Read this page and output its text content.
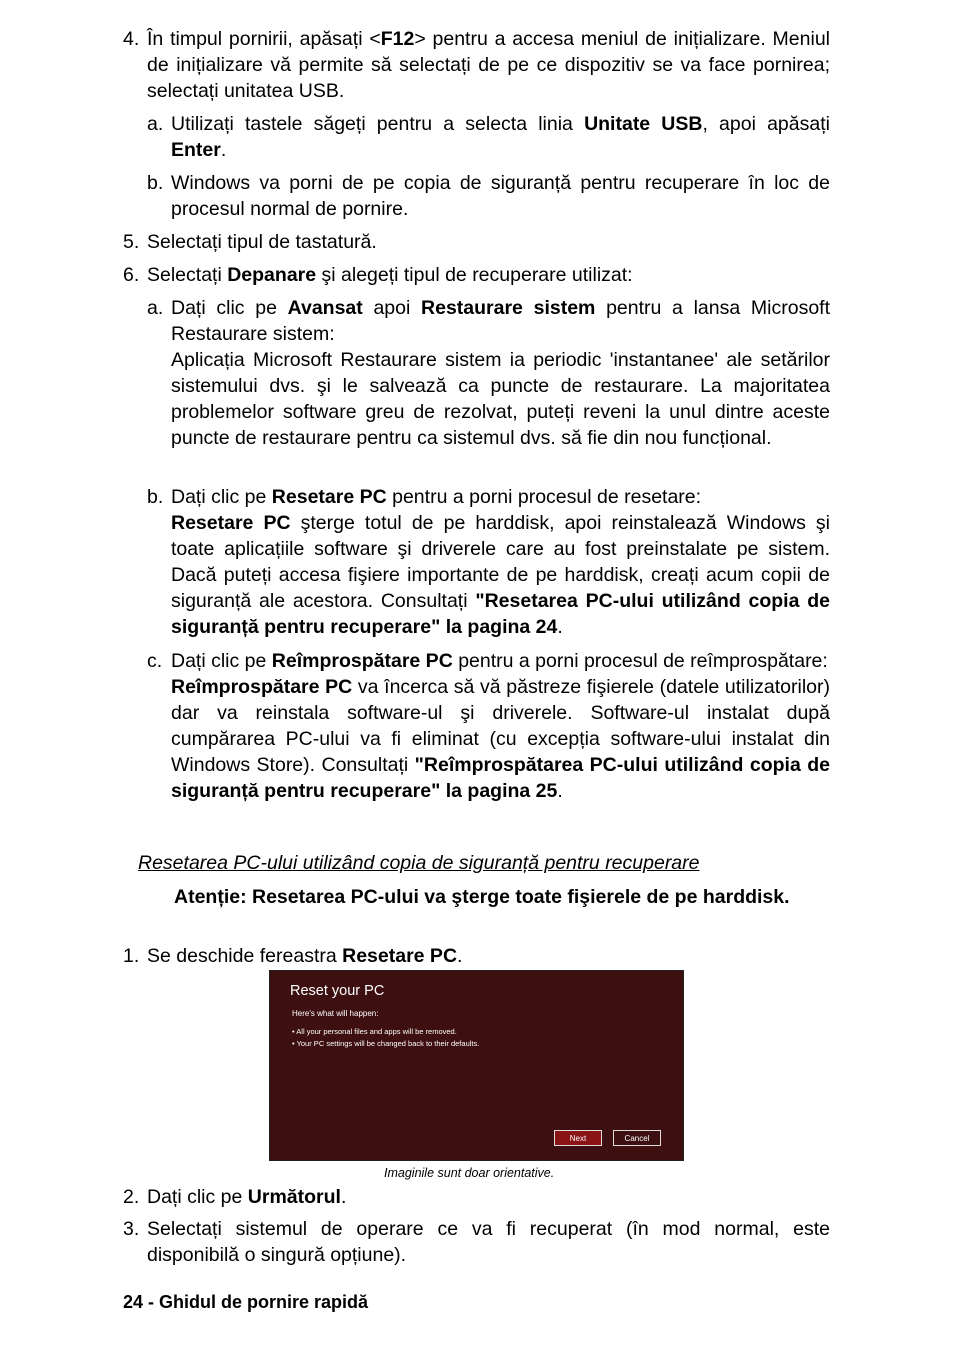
4. În timpul pornirii, apăsați <F12> pentru a accesa meniul de inițializare. Meniul de inițializare vă permite să selectați de pe ce dispozitiv se va face pornirea; selectați unitatea USB.
a. Utilizați tastele săgeți pentru a selecta linia Unitate USB, apoi apăsați Enter.
b. Windows va porni de pe copia de siguranță pentru recuperare în loc de procesul normal de pornire.
5. Selectați tipul de tastatură.
6. Selectați Depanare şi alegeți tipul de recuperare utilizat:
a. Dați clic pe Avansat apoi Restaurare sistem pentru a lansa Microsoft Restaurare sistem:

Aplicația Microsoft Restaurare sistem ia periodic 'instantanee' ale setărilor sistemului dvs. şi le salvează ca puncte de restaurare. La majoritatea problemelor software greu de rezolvat, puteți reveni la unul dintre aceste puncte de restaurare pentru ca sistemul dvs. să fie din nou funcțional.

b. Dați clic pe Resetare PC pentru a porni procesul de resetare:

Resetare PC şterge totul de pe harddisk, apoi reinstalează Windows şi toate aplicațiile software şi driverele care au fost preinstalate pe sistem. Dacă puteți accesa fişiere importante de pe harddisk, creați acum copii de siguranță ale acestora. Consultați "Resetarea PC-ului utilizând copia de siguranță pentru recuperare" la pagina 24.

c. Dați clic pe Reîmprospătare PC pentru a porni procesul de reîmprospătare:

Reîmprospătare PC va încerca să vă păstreze fişierele (datele utilizatorilor) dar va reinstala software-ul şi driverele. Software-ul instalat după cumpărarea PC-ului va fi eliminat (cu excepția software-ului instalat din Windows Store). Consultați "Reîmprospătarea PC-ului utilizând copia de siguranță pentru recuperare" la pagina 25.

Resetarea PC-ului utilizând copia de siguranță pentru recuperare
Atenție: Resetarea PC-ului va şterge toate fişierele de pe harddisk.
1. Se deschide fereastra Resetare PC.
Reset your PC
Here's what will happen:
• All your personal files and apps will be removed.
• Your PC settings will be changed back to their defaults.
Next	Cancel
Imaginile sunt doar orientative.
2. Dați clic pe Următorul.
3. Selectați sistemul de operare ce va fi recuperat (în mod normal, este disponibilă o singură opțiune).
24 - Ghidul de pornire rapidă
